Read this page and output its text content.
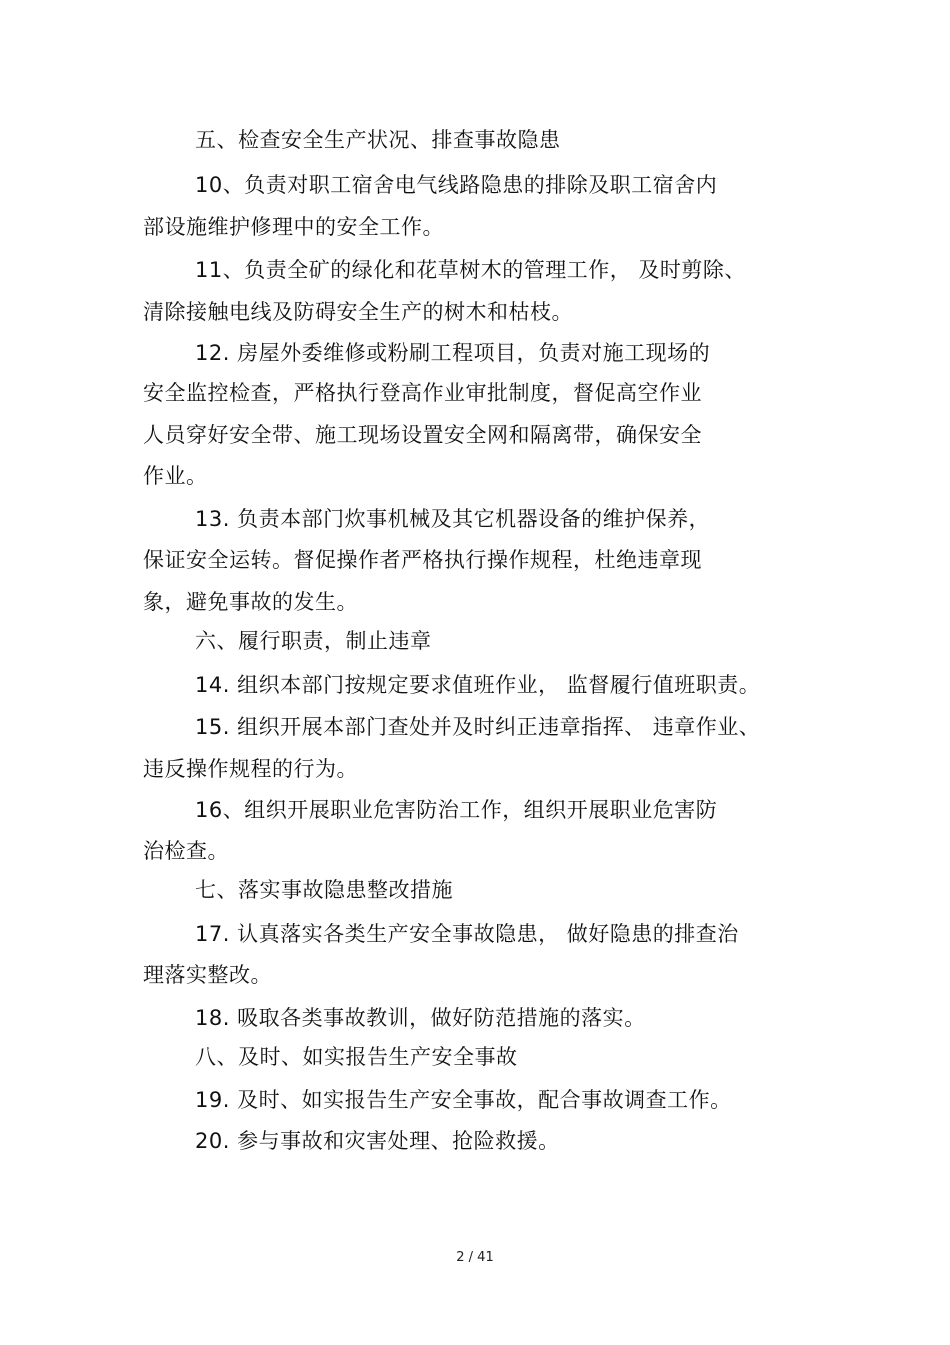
五、检查安全生产状况、排查事故隐患
10、负责对职工宿舍电气线路隐患的排除及职工宿舍内
部设施维护修理中的安全工作。
11、负责全矿的绿化和花草树木的管理工作， 及时剪除、
清除接触电线及防碍安全生产的树木和枯枝。
12. 房屋外委维修或粉刷工程项目，负责对施工现场的
安全监控检查，严格执行登高作业审批制度，督促高空作业
人员穿好安全带、施工现场设置安全网和隔离带，确保安全
作业。
13. 负责本部门炊事机械及其它机器设备的维护保养，
保证安全运转。督促操作者严格执行操作规程，杜绝违章现
象，避免事故的发生。
六、履行职责，制止违章
14. 组织本部门按规定要求值班作业， 监督履行值班职责。
15. 组织开展本部门查处并及时纠正违章指挥、 违章作业、
违反操作规程的行为。
16、组织开展职业危害防治工作，组织开展职业危害防
治检查。
七、落实事故隐患整改措施
17. 认真落实各类生产安全事故隐患， 做好隐患的排查治
理落实整改。
18. 吸取各类事故教训，做好防范措施的落实。
八、及时、如实报告生产安全事故
19. 及时、如实报告生产安全事故，配合事故调查工作。
20. 参与事故和灾害处理、抢险救援。
2 / 41
